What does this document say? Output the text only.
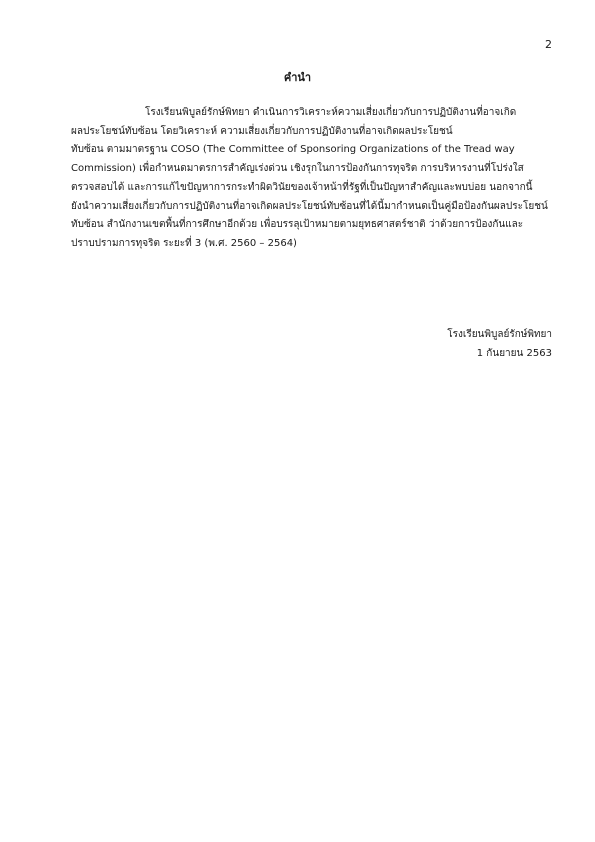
2
คำนำ
โรงเรียนพิบูลย์รักษ์พิทยา ดำเนินการวิเคราะห์ความเสี่ยงเกี่ยวกับการปฏิบัติงานที่อาจเกิด
ผลประโยชน์ทับซ้อน โดยวิเคราะห์ ความเสี่ยงเกี่ยวกับการปฏิบัติงานที่อาจเกิดผลประโยชน์
ทับซ้อน ตามมาตรฐาน COSO (The Committee of Sponsoring Organizations of the Tread way
Commission) เพื่อกำหนดมาตรการสำคัญเร่งด่วน เชิงรุกในการป้องกันการทุจริต การบริหารงานที่โปร่งใส
ตรวจสอบได้ และการแก้ไขปัญหาการกระทำผิดวินัยของเจ้าหน้าที่รัฐที่เป็นปัญหาสำคัญและพบบ่อย นอกจากนี้
ยังนำความเสี่ยงเกี่ยวกับการปฏิบัติงานที่อาจเกิดผลประโยชน์ทับซ้อนที่ได้นี้มากำหนดเป็นคู่มือป้องกันผลประโยชน์
ทับซ้อน สำนักงานเขตพื้นที่การศึกษาอีกด้วย เพื่อบรรลุเป้าหมายตามยุทธศาสตร์ชาติ ว่าด้วยการป้องกันและ
ปราบปรามการทุจริต ระยะที่ 3 (พ.ศ. 2560 – 2564)
โรงเรียนพิบูลย์รักษ์พิทยา
1 กันยายน 2563
